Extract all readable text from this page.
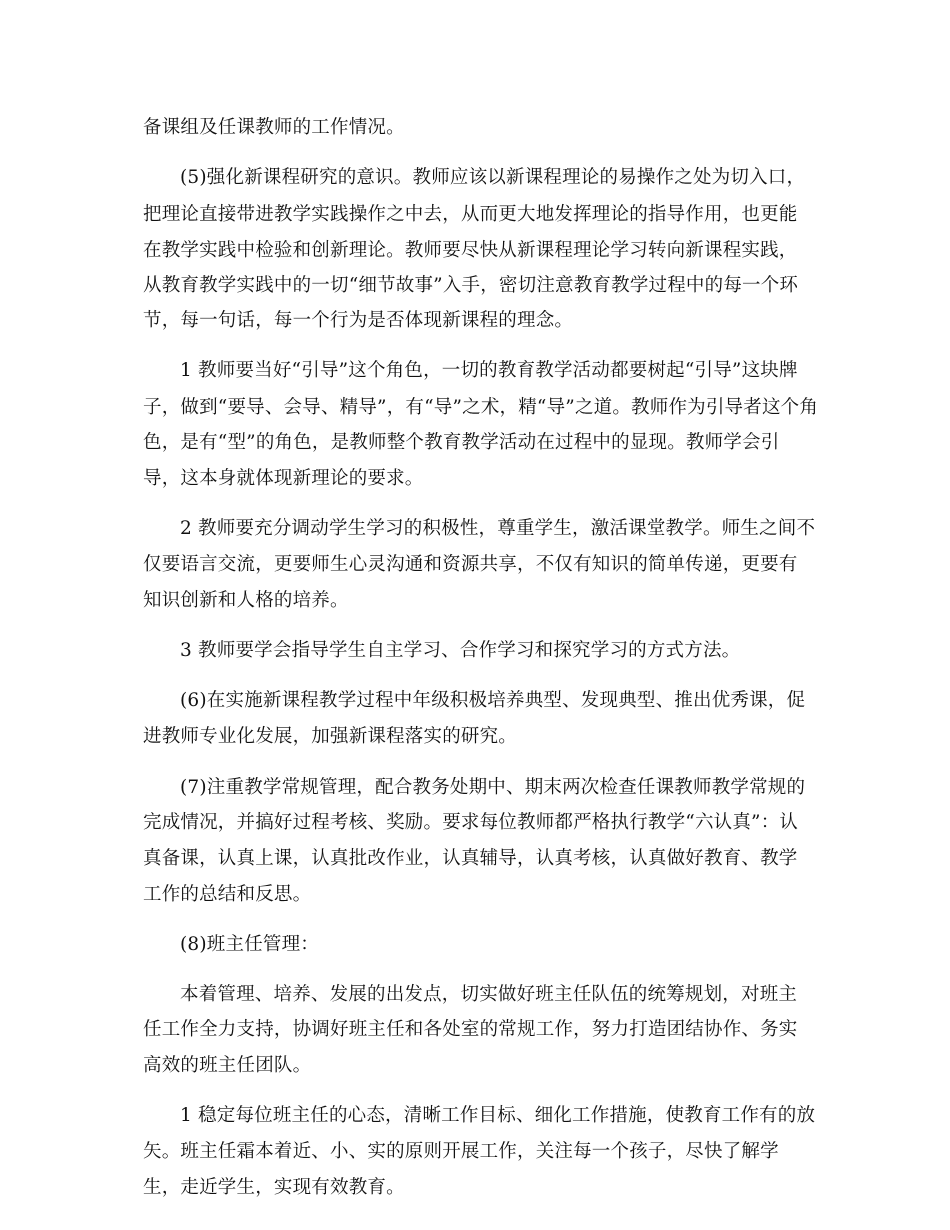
备课组及任课教师的工作情况。
(5)强化新课程研究的意识。教师应该以新课程理论的易操作之处为切入口，
把理论直接带进教学实践操作之中去，从而更大地发挥理论的指导作用，也更能
在教学实践中检验和创新理论。教师要尽快从新课程理论学习转向新课程实践，
从教育教学实践中的一切“细节故事”入手，密切注意教育教学过程中的每一个环
节，每一句话，每一个行为是否体现新课程的理念。
1 教师要当好“引导”这个角色，一切的教育教学活动都要树起“引导”这块牌
子，做到“要导、会导、精导”，有“导”之术，精“导”之道。教师作为引导者这个角
色，是有“型”的角色，是教师整个教育教学活动在过程中的显现。教师学会引
导，这本身就体现新理论的要求。
2 教师要充分调动学生学习的积极性，尊重学生，激活课堂教学。师生之间不
仅要语言交流，更要师生心灵沟通和资源共享，不仅有知识的简单传递，更要有
知识创新和人格的培养。
3 教师要学会指导学生自主学习、合作学习和探究学习的方式方法。
(6)在实施新课程教学过程中年级积极培养典型、发现典型、推出优秀课，促
进教师专业化发展，加强新课程落实的研究。
(7)注重教学常规管理，配合教务处期中、期末两次检查任课教师教学常规的
完成情况，并搞好过程考核、奖励。要求每位教师都严格执行教学“六认真”：认
真备课，认真上课，认真批改作业，认真辅导，认真考核，认真做好教育、教学
工作的总结和反思。
(8)班主任管理：
本着管理、培养、发展的出发点，切实做好班主任队伍的统筹规划，对班主
任工作全力支持，协调好班主任和各处室的常规工作，努力打造团结协作、务实
高效的班主任团队。
1 稳定每位班主任的心态，清晰工作目标、细化工作措施，使教育工作有的放
矢。班主任霜本着近、小、实的原则开展工作，关注每一个孩子，尽快了解学
生，走近学生，实现有效教育。
